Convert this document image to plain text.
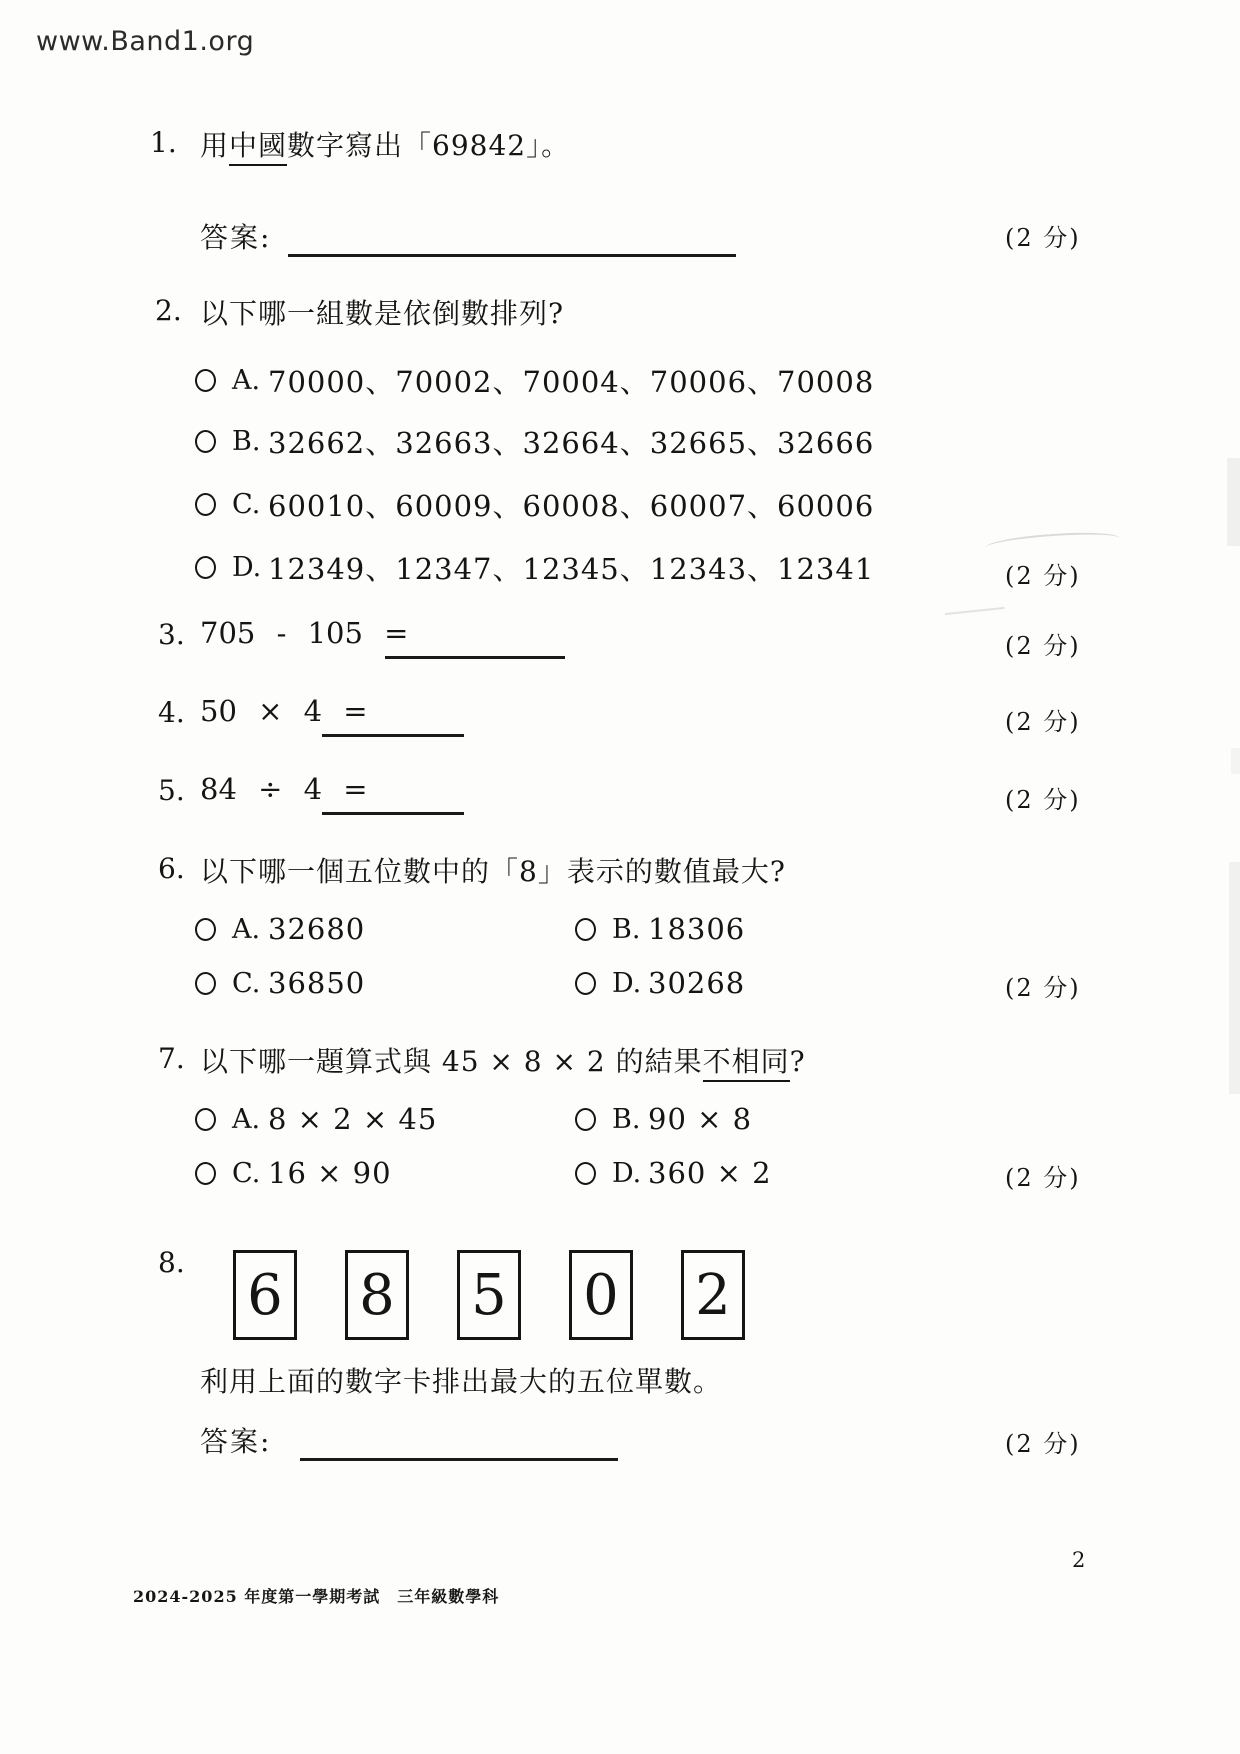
www.Band1.org
1. 用中國數字寫出「69842」。
答案:	(2 分)
2. 以下哪一組數是依倒數排列?
A. 70000、70002、70004、70006、70008
B. 32662、32663、32664、32665、32666
C. 60010、60009、60008、60007、60006
D. 12349、12347、12345、12343、12341	(2 分)
3. 705 - 105 =	(2 分)
4. 50 × 4 =	(2 分)
5. 84 ÷ 4 =	(2 分)
6. 以下哪一個五位數中的「8」表示的數值最大?
A. 32680	B. 18306
C. 36850	D. 30268	(2 分)
7. 以下哪一題算式與 45 × 8 × 2 的結果不相同?
A. 8 × 2 × 45	B. 90 × 8
C. 16 × 90	D. 360 × 2	(2 分)
8. 6 8 5 0 2
利用上面的數字卡排出最大的五位單數。
答案:	(2 分)
2
2024-2025 年度第一學期考試　三年級數學科
